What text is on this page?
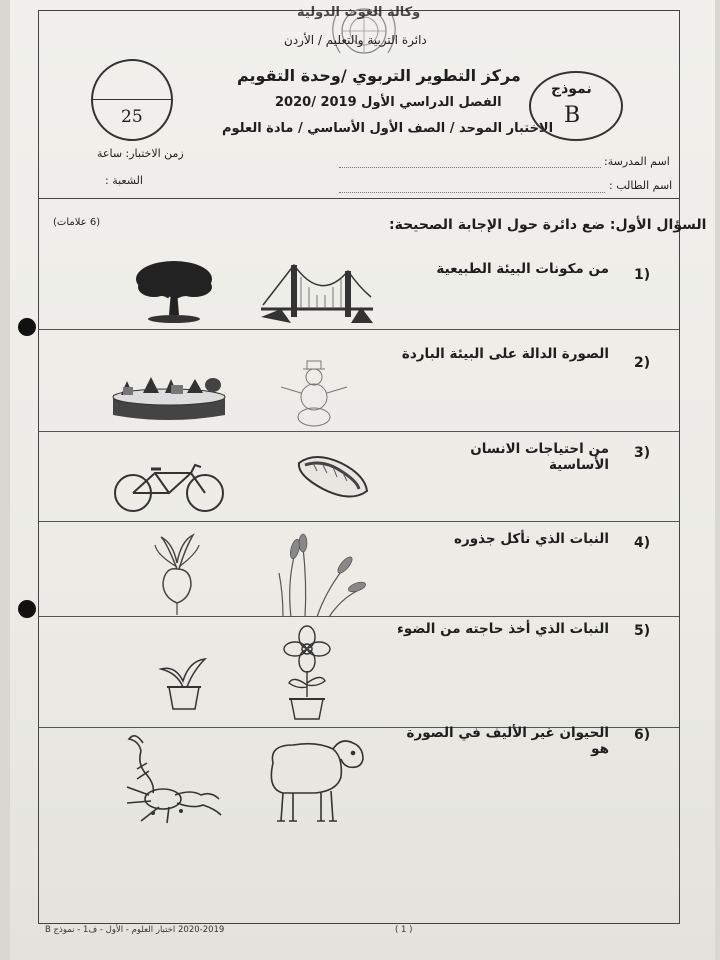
وكالة الغوث الدولية
دائرة التربية والتعليم / الأردن
مركز التطوير التربوي /وحدة التقويم
الفصل الدراسي الأول 2019 /2020
الاختبار الموحد / الصف الأول الأساسي / مادة العلوم
25
نموذج
B
زمن الاختبار: ساعة
الشعبة :
اسم المدرسة:
اسم الطالب :
السؤال الأول: ضع دائرة حول الإجابة الصحيحة:
(6 علامات)
1)
من مكونات البيئة الطبيعية
2)
الصورة الدالة على البيئة الباردة
3)
من احتياجات الانسان الأساسية
4)
النبات الذي نأكل جذوره
5)
النبات الذي أخذ حاجته من الضوء
6)
الحيوان غير الأليف في الصورة هو
2020-2019 اختبار العلوم - الأول - ف1 - نموذج B	( 1 )
